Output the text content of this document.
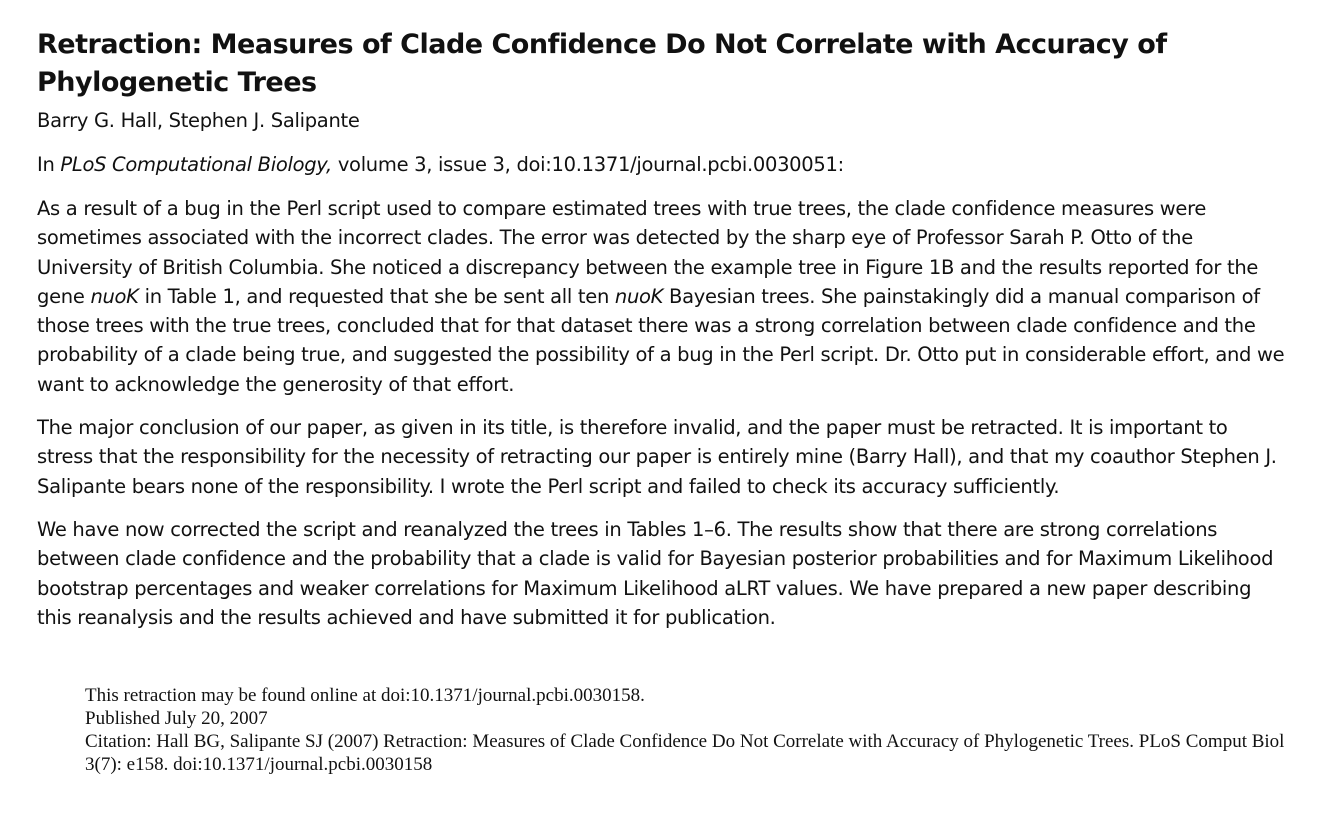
Retraction: Measures of Clade Confidence Do Not Correlate with Accuracy of Phylogenetic Trees
Barry G. Hall, Stephen J. Salipante
In PLoS Computational Biology, volume 3, issue 3, doi:10.1371/journal.pcbi.0030051:

As a result of a bug in the Perl script used to compare estimated trees with true trees, the clade confidence measures were sometimes associated with the incorrect clades. The error was detected by the sharp eye of Professor Sarah P. Otto of the University of British Columbia. She noticed a discrepancy between the example tree in Figure 1B and the results reported for the gene nuoK in Table 1, and requested that she be sent all ten nuoK Bayesian trees. She painstakingly did a manual comparison of those trees with the true trees, concluded that for that dataset there was a strong correlation between clade confidence and the probability of a clade being true, and suggested the possibility of a bug in the Perl script. Dr. Otto put in considerable effort, and we want to acknowledge the generosity of that effort.

The major conclusion of our paper, as given in its title, is therefore invalid, and the paper must be retracted. It is important to stress that the responsibility for the necessity of retracting our paper is entirely mine (Barry Hall), and that my coauthor Stephen J. Salipante bears none of the responsibility. I wrote the Perl script and failed to check its accuracy sufficiently.

We have now corrected the script and reanalyzed the trees in Tables 1–6. The results show that there are strong correlations between clade confidence and the probability that a clade is valid for Bayesian posterior probabilities and for Maximum Likelihood bootstrap percentages and weaker correlations for Maximum Likelihood aLRT values. We have prepared a new paper describing this reanalysis and the results achieved and have submitted it for publication.

This retraction may be found online at doi:10.1371/journal.pcbi.0030158.
Published July 20, 2007
Citation: Hall BG, Salipante SJ (2007) Retraction: Measures of Clade Confidence Do Not Correlate with Accuracy of Phylogenetic Trees. PLoS Comput Biol 3(7): e158. doi:10.1371/journal.pcbi.0030158
